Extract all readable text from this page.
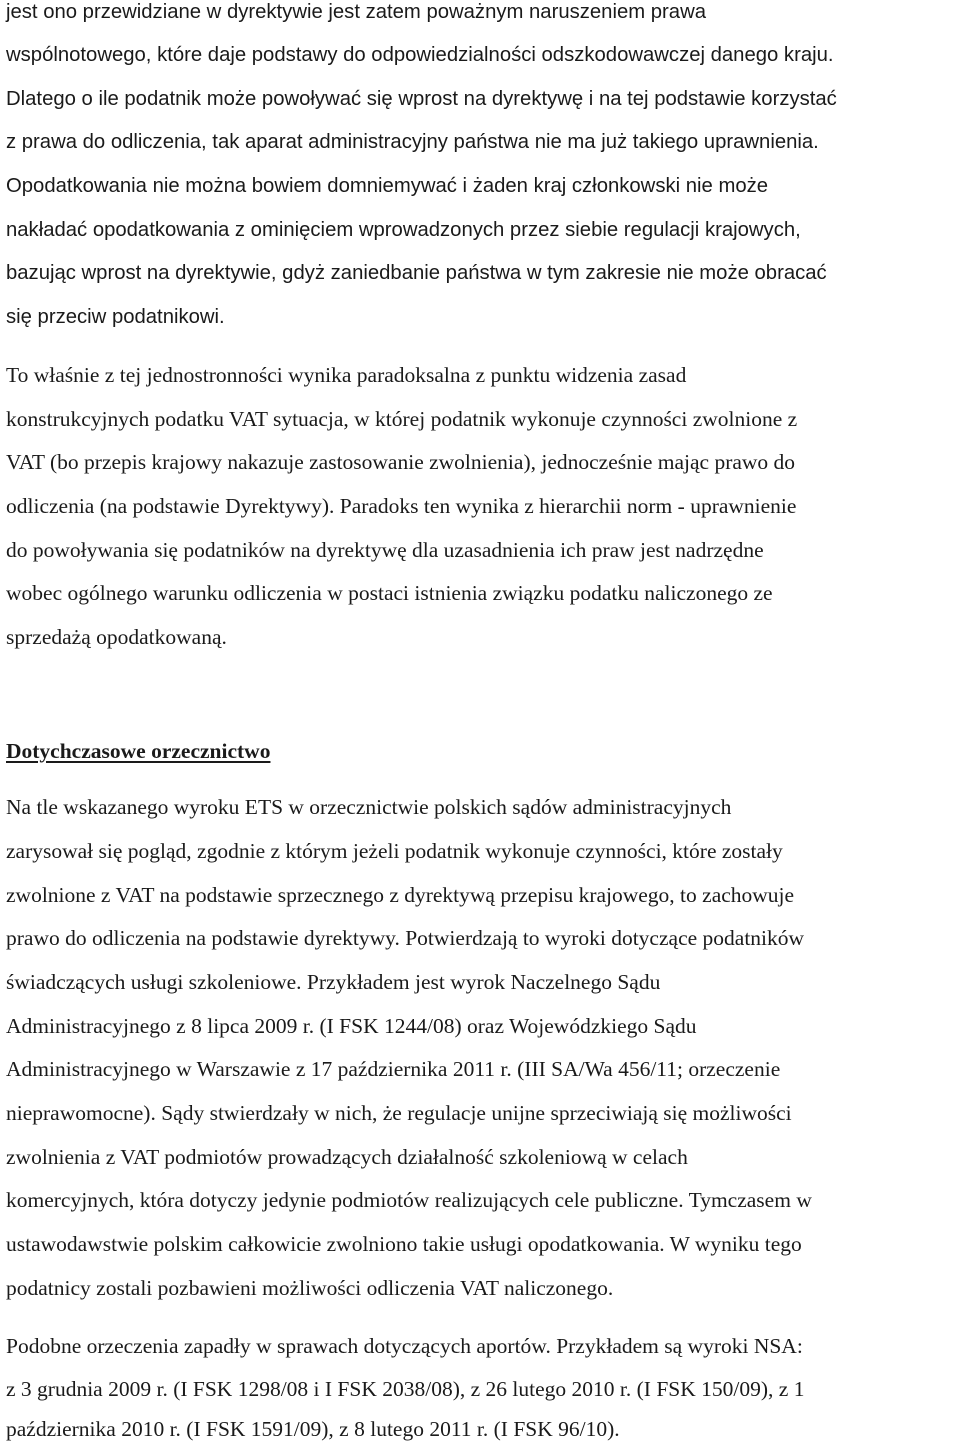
jest ono przewidziane w dyrektywie jest zatem poważnym naruszeniem prawa
wspólnotowego, które daje podstawy do odpowiedzialności odszkodowawczej danego kraju.
Dlatego o ile podatnik może powoływać się wprost na dyrektywę i na tej podstawie korzystać
z prawa do odliczenia, tak aparat administracyjny państwa nie ma już takiego uprawnienia.
Opodatkowania nie można bowiem domniemywać i żaden kraj członkowski nie może
nakładać opodatkowania z ominięciem wprowadzonych przez siebie regulacji krajowych,
bazując wprost na dyrektywie, gdyż zaniedbanie państwa w tym zakresie nie może obracać
się przeciw podatnikowi.
To właśnie z tej jednostronności wynika paradoksalna z punktu widzenia zasad
konstrukcyjnych podatku VAT sytuacja, w której podatnik wykonuje czynności zwolnione z
VAT (bo przepis krajowy nakazuje zastosowanie zwolnienia), jednocześnie mając prawo do
odliczenia (na podstawie Dyrektywy). Paradoks ten wynika z hierarchii norm - uprawnienie
do powoływania się podatników na dyrektywę dla uzasadnienia ich praw jest nadrzędne
wobec ogólnego warunku odliczenia w postaci istnienia związku podatku naliczonego ze
sprzedażą opodatkowaną.
Dotychczasowe orzecznictwo
Na tle wskazanego wyroku ETS w orzecznictwie polskich sądów administracyjnych
zarysował się pogląd, zgodnie z którym jeżeli podatnik wykonuje czynności, które zostały
zwolnione z VAT na podstawie sprzecznego z dyrektywą przepisu krajowego, to zachowuje
prawo do odliczenia na podstawie dyrektywy. Potwierdzają to wyroki dotyczące podatników
świadczących usługi szkoleniowe. Przykładem jest wyrok Naczelnego Sądu
Administracyjnego z 8 lipca 2009 r. (I FSK 1244/08) oraz Wojewódzkiego Sądu
Administracyjnego w Warszawie z 17 października 2011 r. (III SA/Wa 456/11; orzeczenie
nieprawomocne). Sądy stwierdzały w nich, że regulacje unijne sprzeciwiają się możliwości
zwolnienia z VAT podmiotów prowadzących działalność szkoleniową w celach
komercyjnych, która dotyczy jedynie podmiotów realizujących cele publiczne. Tymczasem w
ustawodawstwie polskim całkowicie zwolniono takie usługi opodatkowania. W wyniku tego
podatnicy zostali pozbawieni możliwości odliczenia VAT naliczonego.
Podobne orzeczenia zapadły w sprawach dotyczących aportów. Przykładem są wyroki NSA:
z 3 grudnia 2009 r. (I FSK 1298/08 i I FSK 2038/08), z 26 lutego 2010 r. (I FSK 150/09), z 1
października 2010 r. (I FSK 1591/09), z 8 lutego 2011 r. (I FSK 96/10).
